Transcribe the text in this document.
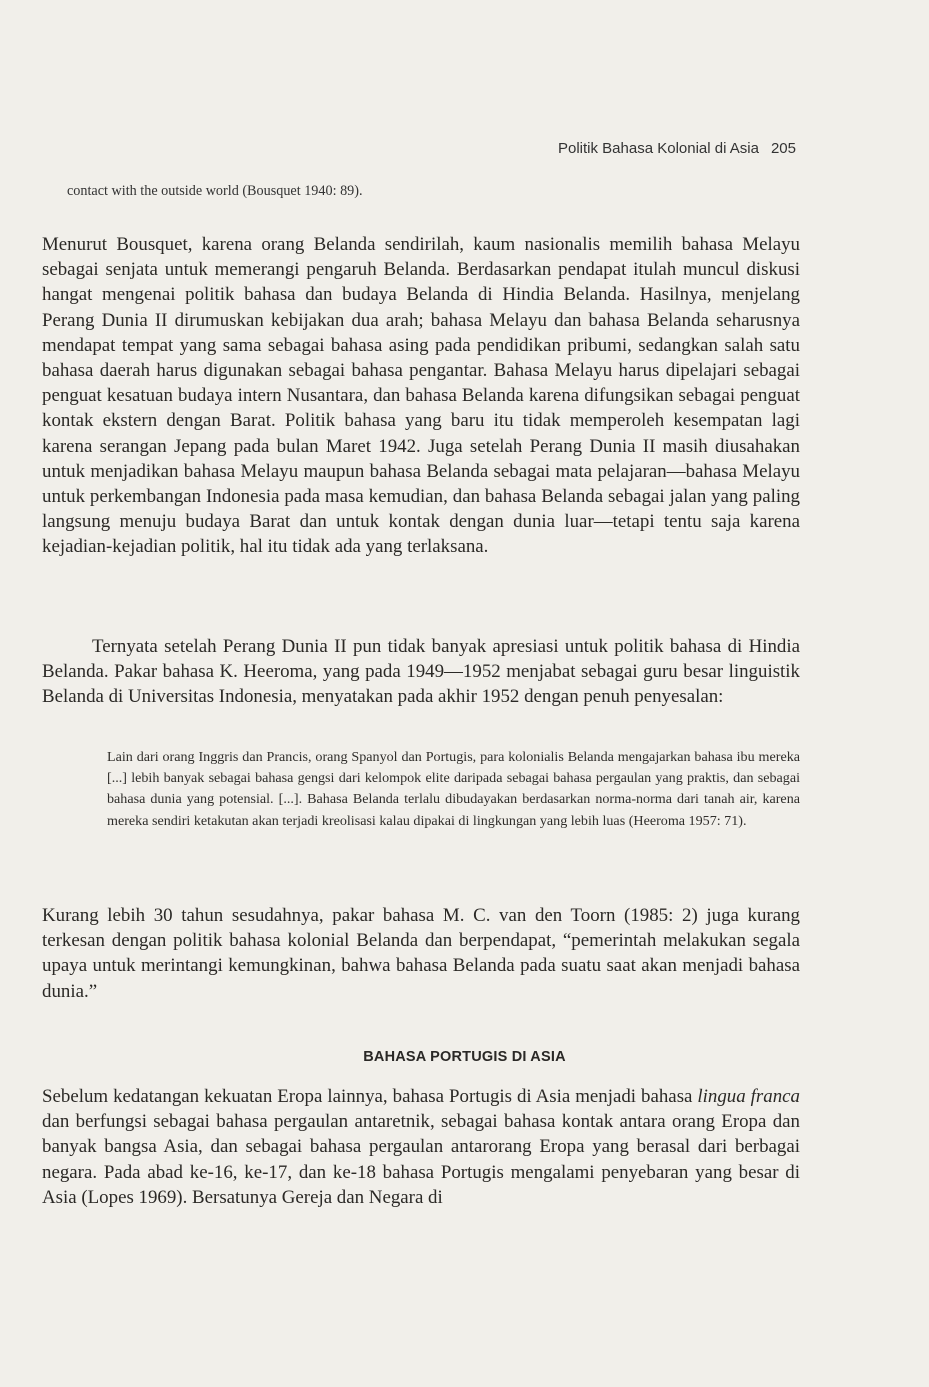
Politik Bahasa Kolonial di Asia 205
contact with the outside world (Bousquet 1940: 89).

Menurut Bousquet, karena orang Belanda sendirilah, kaum nasionalis memilih bahasa Melayu sebagai senjata untuk memerangi pengaruh Belanda. Berdasarkan pendapat itulah muncul diskusi hangat mengenai politik bahasa dan budaya Belanda di Hindia Belanda. Hasilnya, menjelang Perang Dunia II dirumuskan kebijakan dua arah; bahasa Melayu dan bahasa Belanda seharusnya mendapat tempat yang sama sebagai bahasa asing pada pendidikan pribumi, sedangkan salah satu bahasa daerah harus digunakan sebagai bahasa pengantar. Bahasa Melayu harus dipelajari sebagai penguat kesatuan budaya intern Nusantara, dan bahasa Belanda karena difungsikan sebagai penguat kontak ekstern dengan Barat. Politik bahasa yang baru itu tidak memperoleh kesempatan lagi karena serangan Jepang pada bulan Maret 1942. Juga setelah Perang Dunia II masih diusahakan untuk menjadikan bahasa Melayu maupun bahasa Belanda sebagai mata pelajaran—bahasa Melayu untuk perkembangan Indonesia pada masa kemudian, dan bahasa Belanda sebagai jalan yang paling langsung menuju budaya Barat dan untuk kontak dengan dunia luar—tetapi tentu saja karena kejadian-kejadian politik, hal itu tidak ada yang terlaksana.

Ternyata setelah Perang Dunia II pun tidak banyak apresiasi untuk politik bahasa di Hindia Belanda. Pakar bahasa K. Heeroma, yang pada 1949—1952 menjabat sebagai guru besar linguistik Belanda di Universitas Indonesia, menyatakan pada akhir 1952 dengan penuh penyesalan:

Lain dari orang Inggris dan Prancis, orang Spanyol dan Portugis, para kolonialis Belanda mengajarkan bahasa ibu mereka [...] lebih banyak sebagai bahasa gengsi dari kelompok elite daripada sebagai bahasa pergaulan yang praktis, dan sebagai bahasa dunia yang potensial. [...]. Bahasa Belanda terlalu dibudayakan berdasarkan norma-norma dari tanah air, karena mereka sendiri ketakutan akan terjadi kreolisasi kalau dipakai di lingkungan yang lebih luas (Heeroma 1957: 71).

Kurang lebih 30 tahun sesudahnya, pakar bahasa M. C. van den Toorn (1985: 2) juga kurang terkesan dengan politik bahasa kolonial Belanda dan berpendapat, “pemerintah melakukan segala upaya untuk merintangi kemungkinan, bahwa bahasa Belanda pada suatu saat akan menjadi bahasa dunia.”

BAHASA PORTUGIS DI ASIA

Sebelum kedatangan kekuatan Eropa lainnya, bahasa Portugis di Asia menjadi bahasa lingua franca dan berfungsi sebagai bahasa pergaulan antaretnik, sebagai bahasa kontak antara orang Eropa dan banyak bangsa Asia, dan sebagai bahasa pergaulan antarorang Eropa yang berasal dari berbagai negara. Pada abad ke-16, ke-17, dan ke-18 bahasa Portugis mengalami penyebaran yang besar di Asia (Lopes 1969). Bersatunya Gereja dan Negara di
